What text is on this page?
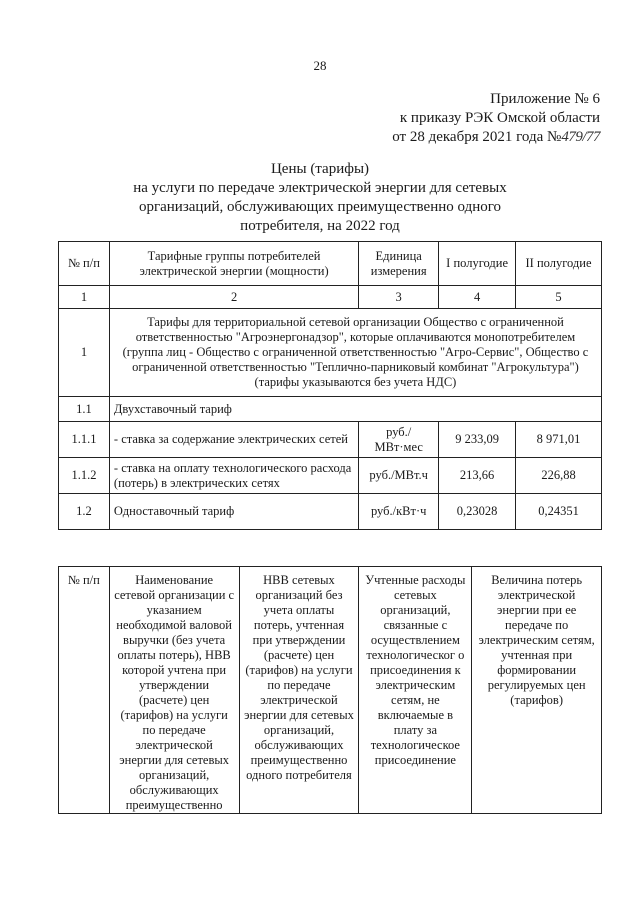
28
Приложение № 6
к приказу РЭК Омской области
от 28 декабря 2021 года №479/77
Цены (тарифы)
на услуги по передаче электрической энергии для сетевых
организаций, обслуживающих преимущественно одного
потребителя, на 2022 год
№ п/п	Тарифные группы потребителей электрической энергии (мощности)	Единица измерения	I полугодие	II полугодие
1	2	3	4	5
1	Тарифы для территориальной сетевой организации Общество с ограниченной ответственностью "Агроэнергонадзор", которые оплачиваются монопотребителем (группа лиц - Общество с ограниченной ответственностью "Агро-Сервис", Общество с ограниченной ответственностью "Теплично-парниковый комбинат "Агрокультура") (тарифы указываются без учета НДС)			
1.1	Двухставочный тариф			
1.1.1	- ставка за содержание электрических сетей	руб./МВт·мес	9 233,09	8 971,01
1.1.2	- ставка на оплату технологического расхода (потерь) в электрических сетях	руб./МВт.ч	213,66	226,88
1.2	Одноставочный тариф	руб./кВт·ч	0,23028	0,24351
№ п/п	Наименование сетевой организации с указанием необходимой валовой выручки (без учета оплаты потерь), НВВ которой учтена при утверждении (расчете) цен (тарифов) на услуги по передаче электрической энергии для сетевых организаций, обслуживающих преимущественно	НВВ сетевых организаций без учета оплаты потерь, учтенная при утверждении (расчете) цен (тарифов) на услуги по передаче электрической энергии для сетевых организаций, обслуживающих преимущественно одного потребителя	Учтенные расходы сетевых организаций, связанные с осуществлением технологическог о присоединения к электрическим сетям, не включаемые в плату за технологическое присоединение	Величина потерь электрической энергии при ее передаче по электрическим сетям, учтенная при формировании регулируемых цен (тарифов)
